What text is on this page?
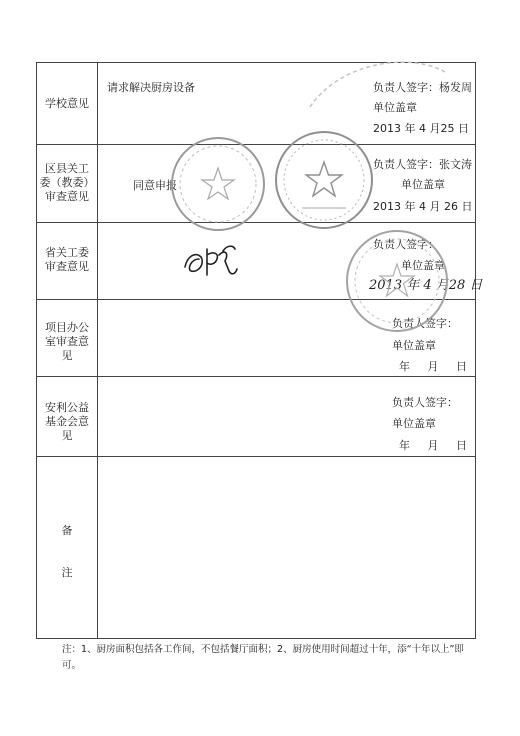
学校意见
请求解决厨房设备	负责人签字：杨发周
单位盖章
2013 年 4 月25 日
区县关工
委（教委）
审查意见
同意申报
负责人签字：张文涛
单位盖章
2013 年 4 月 26 日
省关工委
审查意见
负责人签字：
单位盖章
2013 年 4 月28 日
项目办公
室审查意
见
负责人签字：
单位盖章
年     月     日
安利公益
基金会意
见
负责人签字：
单位盖章
年     月     日
备
注
注：1、厨房面积包括各工作间，不包括餐厅面积；2、厨房使用时间超过十年，添“十年以上”即可。
